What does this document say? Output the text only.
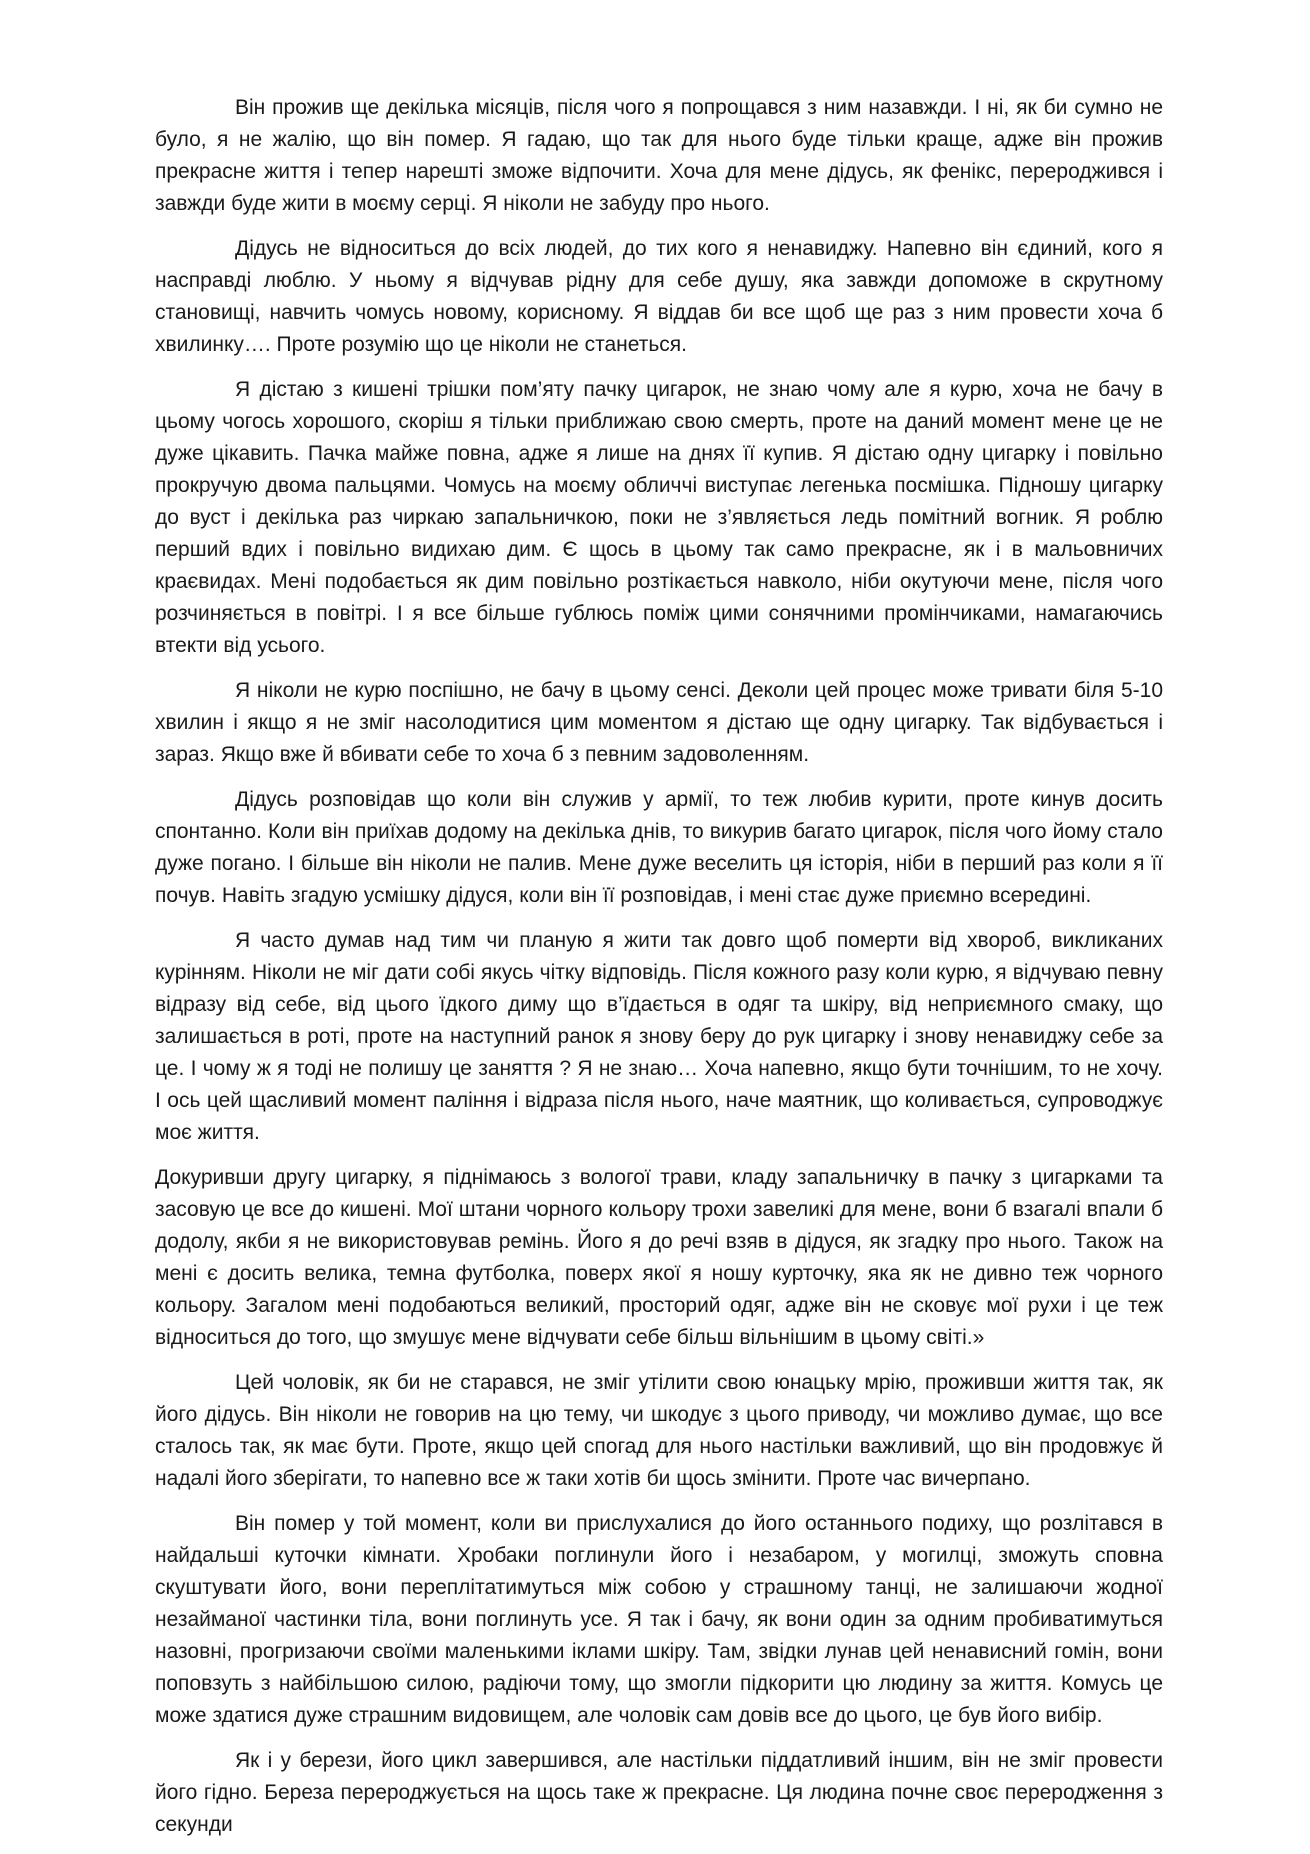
Він прожив ще декілька місяців, після чого я попрощався з ним назавжди. І ні, як би сумно не було, я не жалію, що він помер. Я гадаю, що так для нього буде тільки краще, адже він прожив прекрасне життя і тепер нарешті зможе відпочити. Хоча для мене дідусь, як фенікс, перероджився і завжди буде жити в моєму серці. Я ніколи не забуду про нього.

Дідусь не відноситься до всіх людей, до тих кого я ненавиджу. Напевно він єдиний, кого я насправді люблю. У ньому я відчував рідну для себе душу, яка завжди допоможе в скрутному становищі, навчить чомусь новому, корисному. Я віддав би все щоб ще раз з ним провести хоча б хвилинку…. Проте розумію що це ніколи не станеться.

Я дістаю з кишені трішки пом’яту пачку цигарок, не знаю чому але я курю, хоча не бачу в цьому чогось хорошого, скоріш я тільки приближаю свою смерть, проте на даний момент мене це не дуже цікавить. Пачка майже повна, адже я лише на днях її купив. Я дістаю одну цигарку і повільно прокручую двома пальцями. Чомусь на моєму обличчі виступає легенька посмішка. Підношу цигарку до вуст і декілька раз чиркаю запальничкою, поки не з’являється ледь помітний вогник. Я роблю перший вдих і повільно видихаю дим. Є щось в цьому так само прекрасне, як і в мальовничих краєвидах. Мені подобається як дим повільно розтікається навколо, ніби окутуючи мене, після чого розчиняється в повітрі. І я все більше гублюсь поміж цими сонячними промінчиками, намагаючись втекти від усього.

Я ніколи не курю поспішно, не бачу в цьому сенсі. Деколи цей процес може тривати біля 5-10 хвилин і якщо я не зміг насолодитися цим моментом я дістаю ще одну цигарку. Так відбувається і зараз. Якщо вже й вбивати себе то хоча б з певним задоволенням.

Дідусь розповідав що коли він служив у армії, то теж любив курити, проте кинув досить спонтанно. Коли він приїхав додому на декілька днів, то викурив багато цигарок, після чого йому стало дуже погано. І більше він ніколи не палив. Мене дуже веселить ця історія, ніби в перший раз коли я її почув. Навіть згадую усмішку дідуся, коли він її розповідав, і мені стає дуже приємно всередині.

Я часто думав над тим чи планую я жити так довго щоб померти від хвороб, викликаних курінням. Ніколи не міг дати собі якусь чітку відповідь. Після кожного разу коли курю, я відчуваю певну відразу від себе, від цього їдкого диму що в’їдається в одяг та шкіру, від неприємного смаку, що залишається в роті, проте на наступний ранок я знову беру до рук цигарку і знову ненавиджу себе за це. І чому ж я тоді не полишу це заняття ? Я не знаю… Хоча напевно, якщо бути точнішим, то не хочу. І ось цей щасливий момент паління і відраза після нього, наче маятник, що коливається, супроводжує моє життя.

Докуривши другу цигарку, я піднімаюсь з вологої трави, кладу запальничку в пачку з цигарками та засовую це все до кишені. Мої штани чорного кольору трохи завеликі для мене, вони б взагалі впали б додолу, якби я не використовував ремінь. Його я до речі взяв в дідуся, як згадку про нього. Також на мені є досить велика, темна футболка, поверх якої я ношу курточку, яка як не дивно теж чорного кольору. Загалом мені подобаються великий, просторий одяг, адже він не сковує мої рухи і це теж відноситься до того, що змушує мене відчувати себе більш вільнішим в цьому світі.»

Цей чоловік, як би не старався, не зміг утілити свою юнацьку мрію, проживши життя так, як його дідусь. Він ніколи не говорив на цю тему, чи шкодує з цього приводу, чи можливо думає, що все сталось так, як має бути. Проте, якщо цей спогад для нього настільки важливий, що він продовжує й надалі його зберігати, то напевно все ж таки хотів би щось змінити. Проте час вичерпано.

Він помер у той момент, коли ви прислухалися до його останнього подиху, що розлітався в найдальші куточки кімнати. Хробаки поглинули його і незабаром, у могилці, зможуть сповна скуштувати його, вони переплітатимуться між собою у страшному танці, не залишаючи жодної незайманої частинки тіла, вони поглинуть усе. Я так і бачу, як вони один за одним пробиватимуться назовні, прогризаючи своїми маленькими іклами шкіру. Там, звідки лунав цей ненависний гомін, вони поповзуть з найбільшою силою, радіючи тому, що змогли підкорити цю людину за життя. Комусь це може здатися дуже страшним видовищем, але чоловік сам довів все до цього, це був його вибір.

Як і у берези, його цикл завершився, але настільки піддатливий іншим, він не зміг провести його гідно. Береза перероджується на щось таке ж прекрасне. Ця людина почне своє переродження з секунди
